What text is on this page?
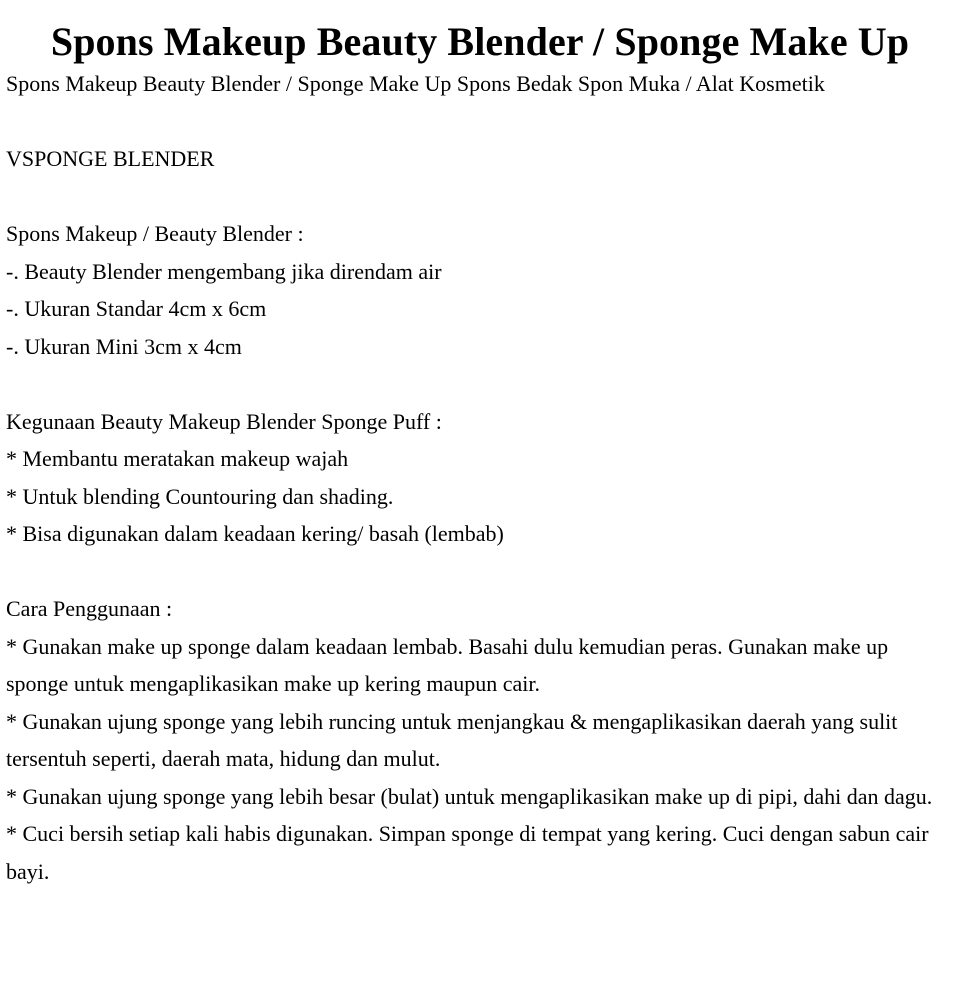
Spons Makeup Beauty Blender / Sponge Make Up
Spons Makeup Beauty Blender / Sponge Make Up Spons Bedak Spon Muka / Alat Kosmetik
VSPONGE BLENDER
Spons Makeup / Beauty Blender :
-. Beauty Blender mengembang jika direndam air
-. Ukuran Standar 4cm x 6cm
-. Ukuran Mini 3cm x 4cm
Kegunaan Beauty Makeup Blender Sponge Puff :
* Membantu meratakan makeup wajah
* Untuk blending Countouring dan shading.
* Bisa digunakan dalam keadaan kering/ basah (lembab)
Cara Penggunaan :
* Gunakan make up sponge dalam keadaan lembab. Basahi dulu kemudian peras. Gunakan make up sponge untuk mengaplikasikan make up kering maupun cair.
* Gunakan ujung sponge yang lebih runcing untuk menjangkau & mengaplikasikan daerah yang sulit tersentuh seperti, daerah mata, hidung dan mulut.
* Gunakan ujung sponge yang lebih besar (bulat) untuk mengaplikasikan make up di pipi, dahi dan dagu.
* Cuci bersih setiap kali habis digunakan. Simpan sponge di tempat yang kering. Cuci dengan sabun cair bayi.
